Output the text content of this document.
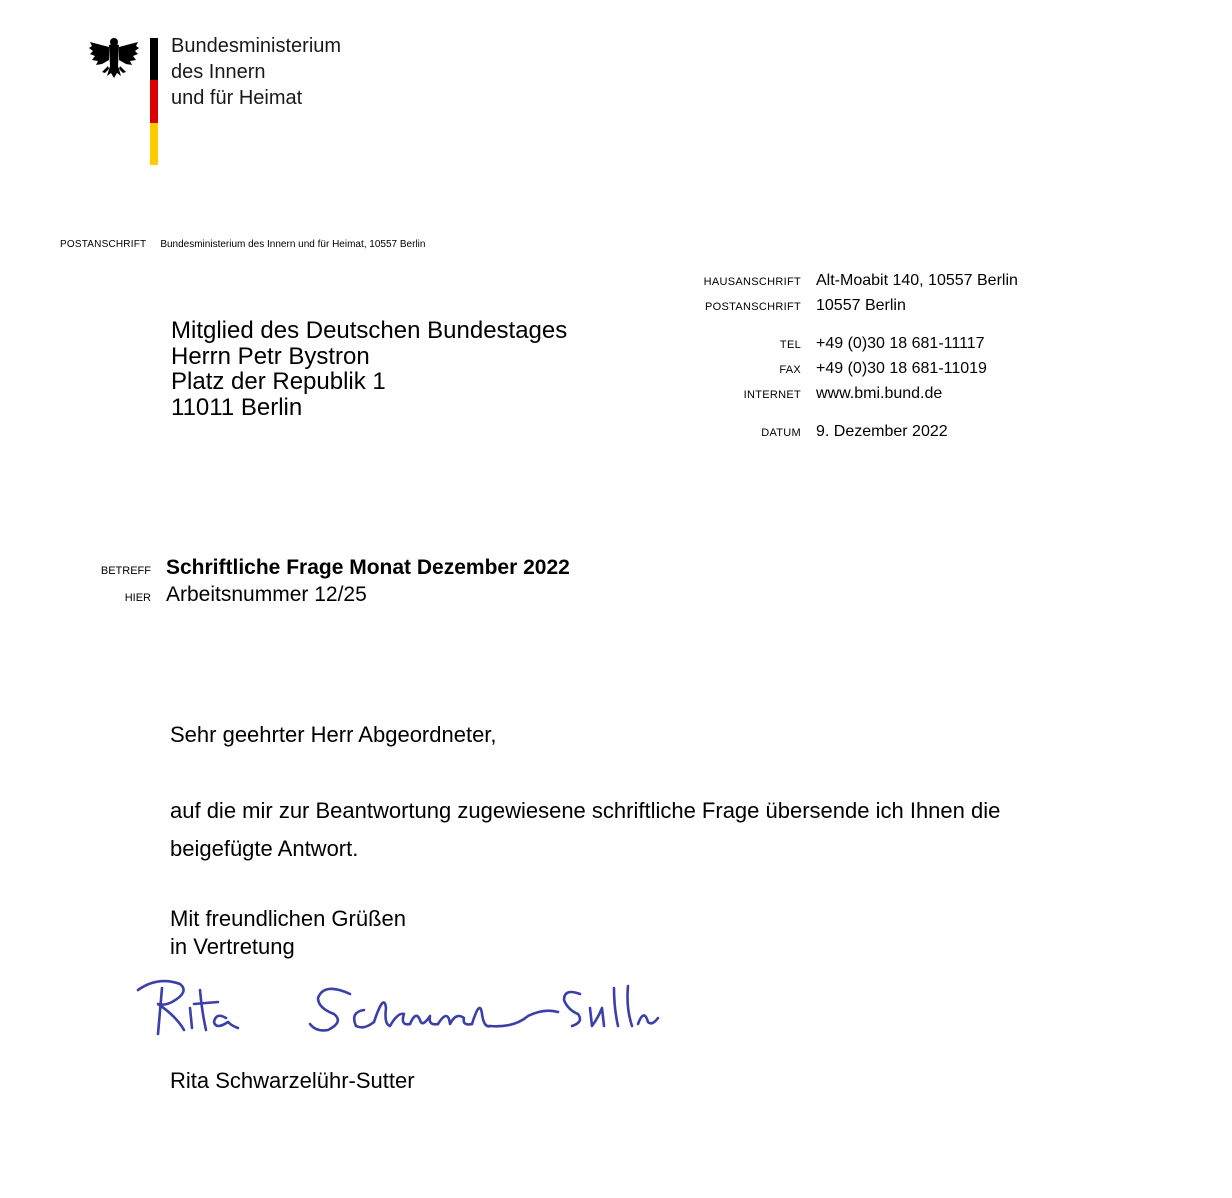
Bundesministerium
des Innern
und für Heimat
POSTANSCHRIFT Bundesministerium des Innern und für Heimat, 10557 Berlin
Mitglied des Deutschen Bundestages
Herrn Petr Bystron
Platz der Republik 1
11011 Berlin
HAUSANSCHRIFT Alt-Moabit 140, 10557 Berlin
POSTANSCHRIFT 10557 Berlin
TEL +49 (0)30 18 681-11117
FAX +49 (0)30 18 681-11019
INTERNET www.bmi.bund.de
DATUM 9. Dezember 2022
BETREFF Schriftliche Frage Monat Dezember 2022
HIER Arbeitsnummer 12/25
Sehr geehrter Herr Abgeordneter,
auf die mir zur Beantwortung zugewiesene schriftliche Frage übersende ich Ihnen die
beigefügte Antwort.
Mit freundlichen Grüßen
in Vertretung
Rita Schwarzelühr-Sutter
